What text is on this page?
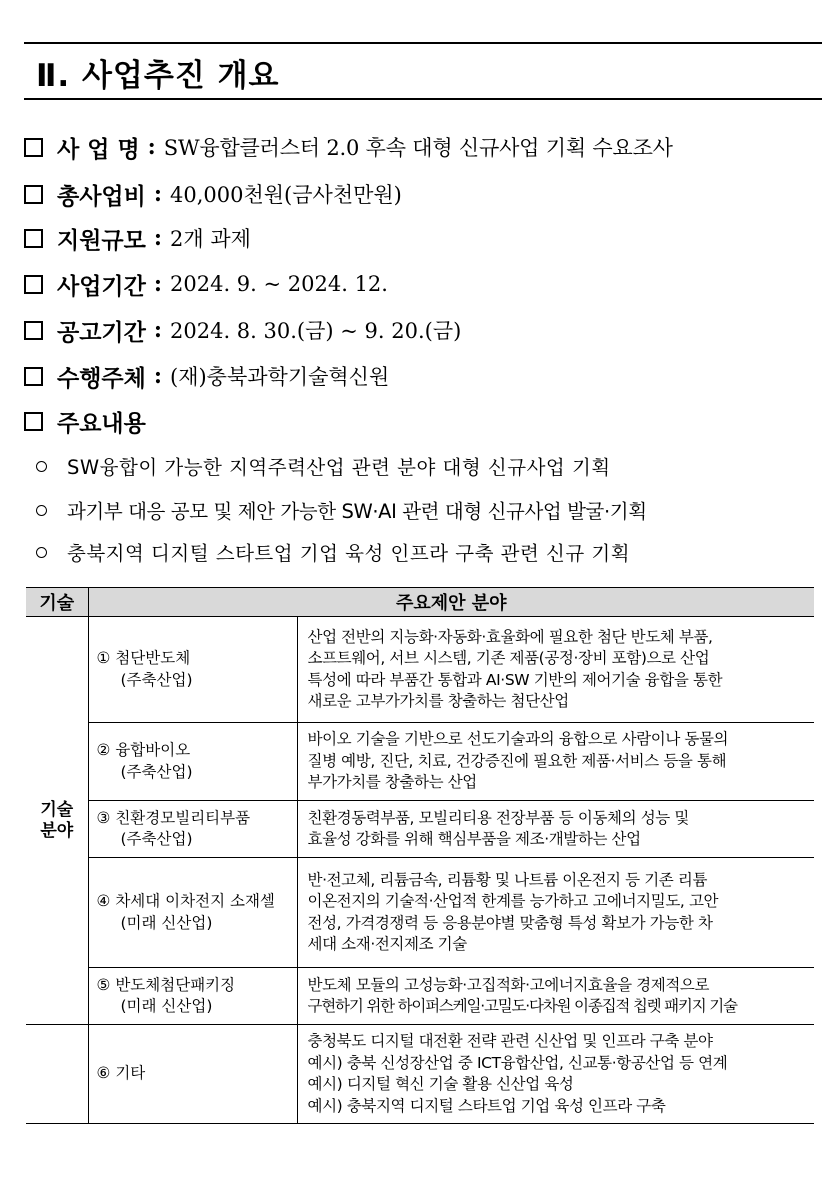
Ⅱ. 사업추진 개요
사 업 명 : SW융합클러스터 2.0 후속 대형 신규사업 기획 수요조사
총사업비 : 40,000천원(금사천만원)
지원규모 : 2개 과제
사업기간 : 2024. 9. ~ 2024. 12.
공고기간 : 2024. 8. 30.(금) ~ 9. 20.(금)
수행주체 : (재)충북과학기술혁신원
주요내용
SW융합이 가능한 지역주력산업 관련 분야 대형 신규사업 기획
과기부 대응 공모 및 제안 가능한 SW·AI 관련 대형 신규사업 발굴·기획
충북지역 디지털 스타트업 기업 육성 인프라 구축 관련 신규 기획
기술	주요제안 분야	

기술
분야	① 첨단반도체
(주축산업)	산업 전반의 지능화·자동화·효율화에 필요한 첨단 반도체 부품,
소프트웨어, 서브 시스템, 기존 제품(공정·장비 포함)으로 산업
특성에 따라 부품간 통합과 AI·SW 기반의 제어기술 융합을 통한
새로운 고부가가치를 창출하는 첨단산업

	② 융합바이오
(주축산업)	바이오 기술을 기반으로 선도기술과의 융합으로 사람이나 동물의
질병 예방, 진단, 치료, 건강증진에 필요한 제품·서비스 등을 통해
부가가치를 창출하는 산업

	③ 친환경모빌리티부품
(주축산업)	친환경동력부품, 모빌리티용 전장부품 등 이동체의 성능 및
효율성 강화를 위해 핵심부품을 제조·개발하는 산업

	④ 차세대 이차전지 소재셀
(미래 신산업)	반·전고체, 리튬금속, 리튬황 및 나트륨 이온전지 등 기존 리튬
이온전지의 기술적·산업적 한계를 능가하고 고에너지밀도, 고안
전성, 가격경쟁력 등 응용분야별 맞춤형 특성 확보가 가능한 차
세대 소재·전지제조 기술

	⑤ 반도체첨단패키징
(미래 신산업)	반도체 모듈의 고성능화·고집적화·고에너지효율을 경제적으로
구현하기 위한 하이퍼스케일·고밀도·다차원 이종집적 칩렛 패키지 기술

	⑥ 기타	충청북도 디지털 대전환 전략 관련 신산업 및 인프라 구축 분야
예시) 충북 신성장산업 중 ICT융합산업, 신교통·항공산업 등 연계
예시) 디지털 혁신 기술 활용 신산업 육성
예시) 충북지역 디지털 스타트업 기업 육성 인프라 구축
